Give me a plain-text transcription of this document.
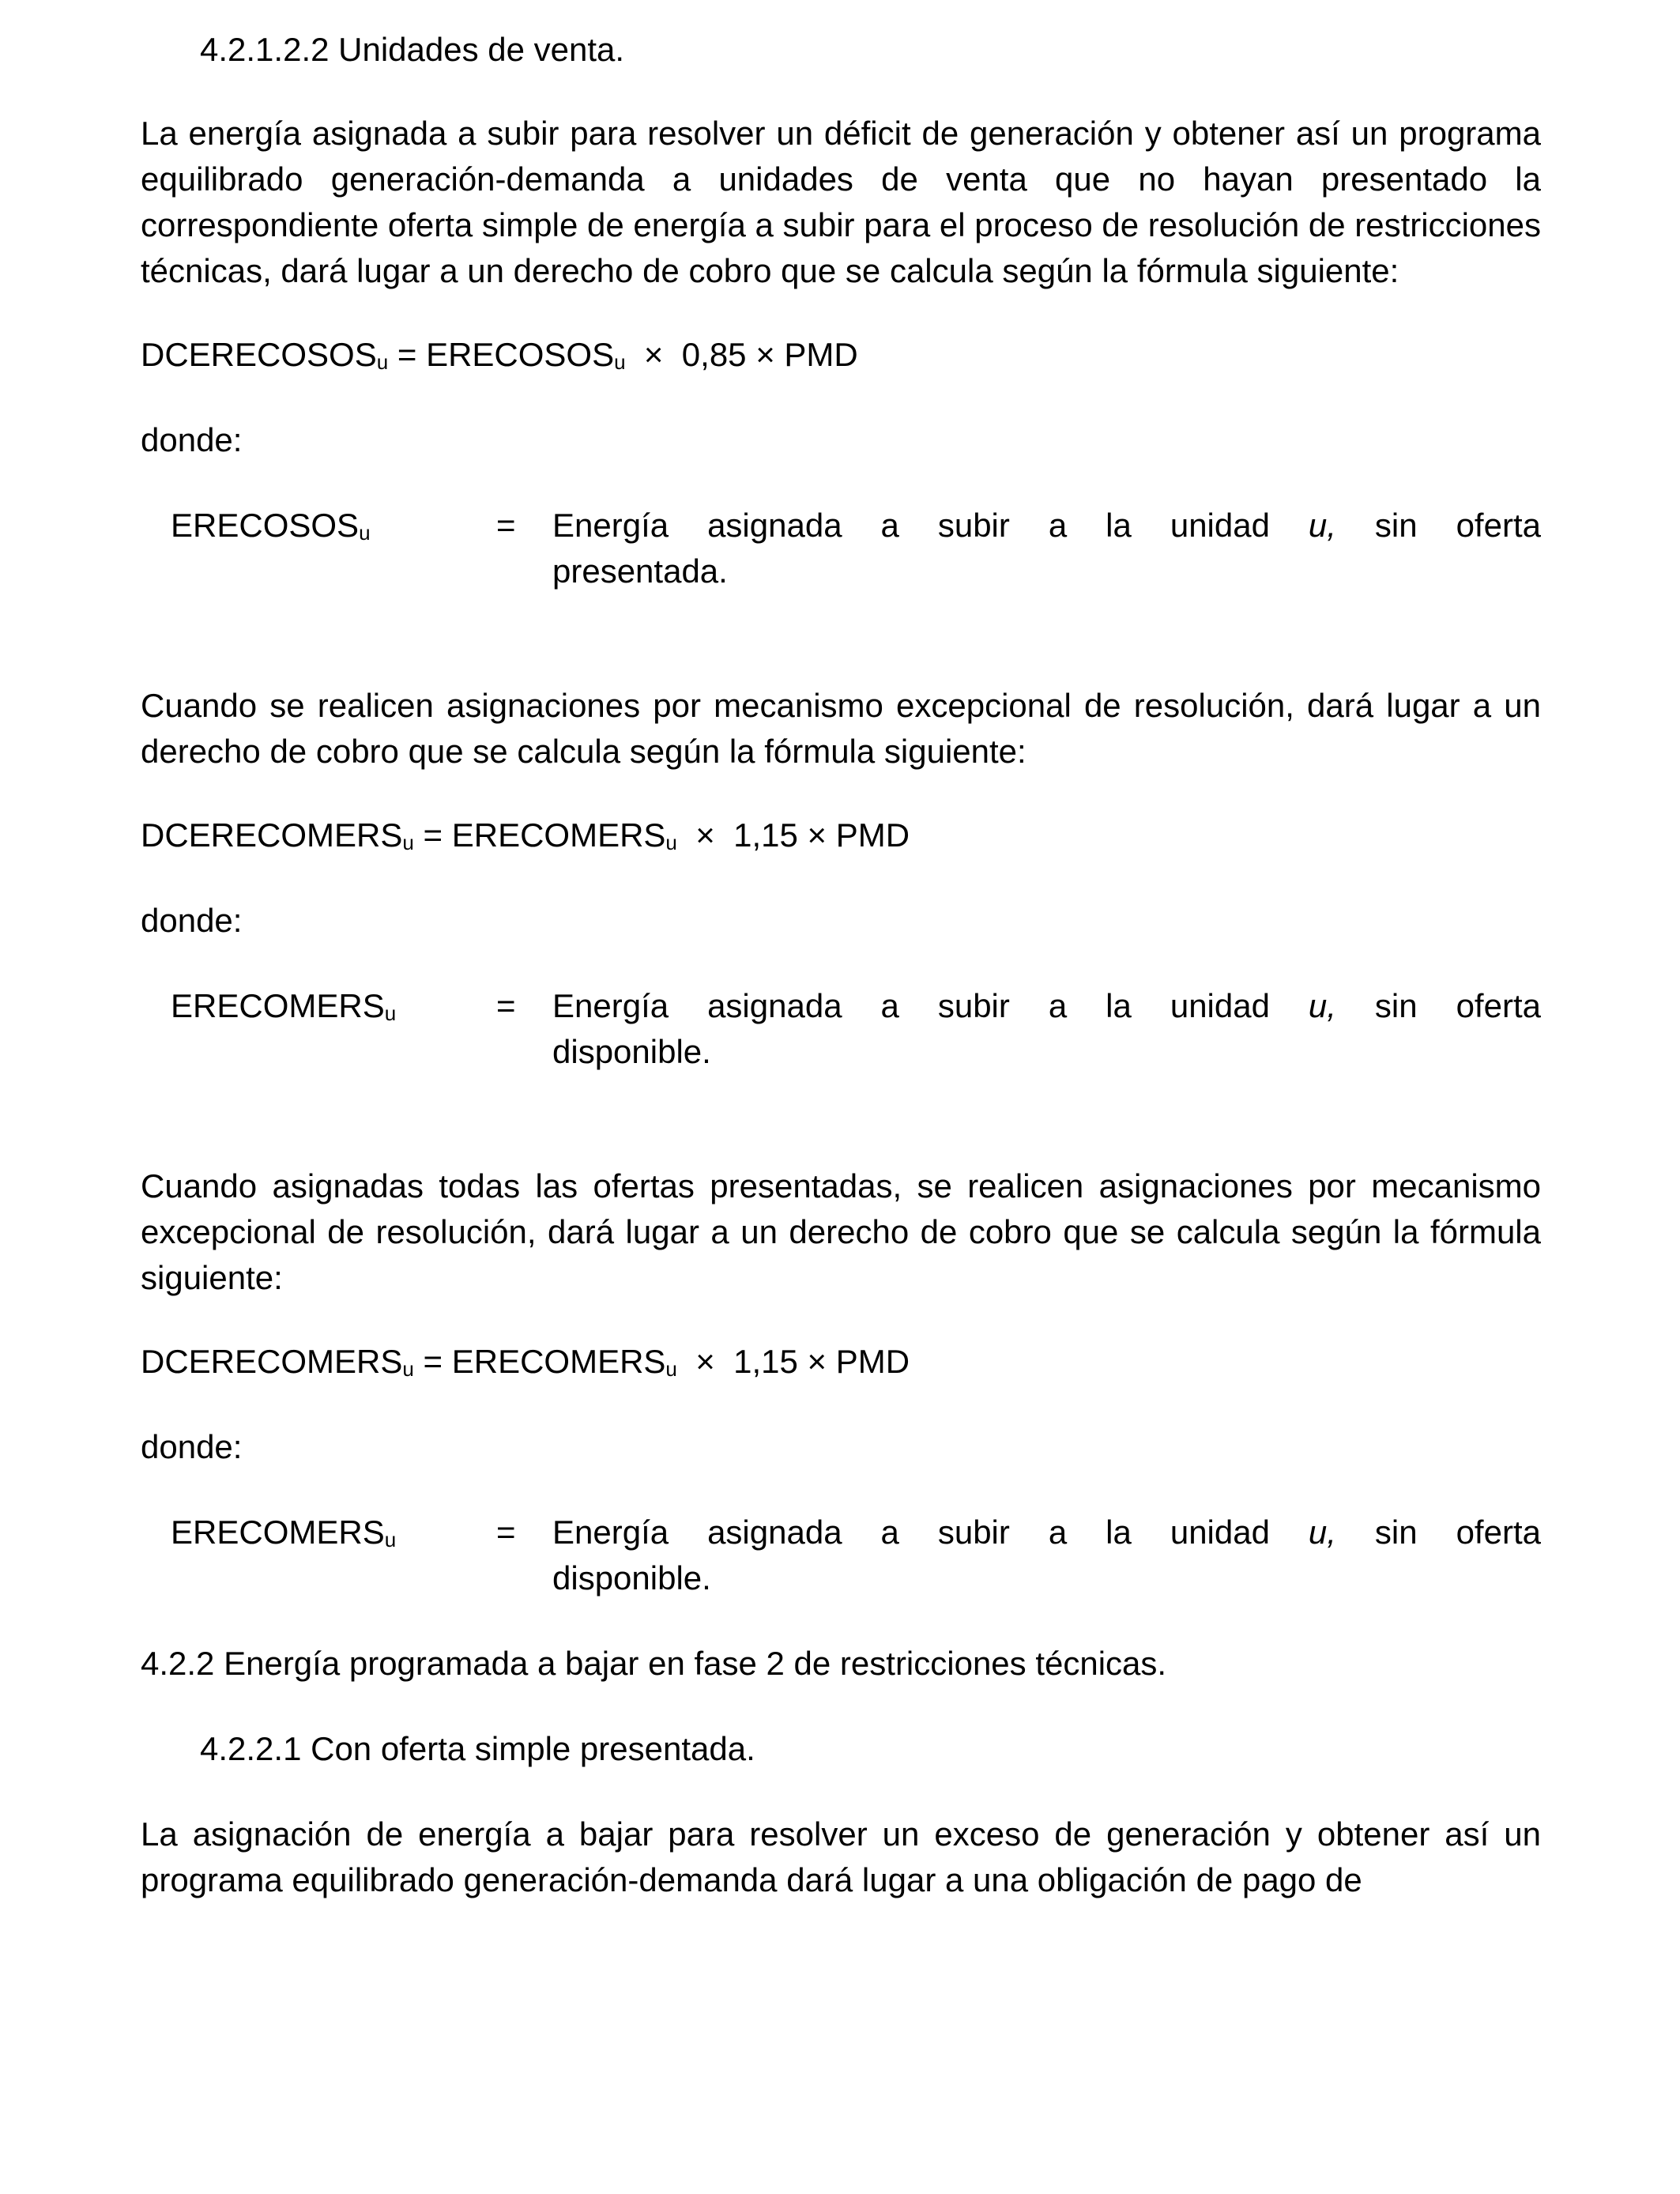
4.2.1.2.2 Unidades de venta.

La energía asignada a subir para resolver un déficit de generación y obtener así un programa equilibrado generación-demanda a unidades de venta que no hayan presentado la correspondiente oferta simple de energía a subir para el proceso de resolución de restricciones técnicas, dará lugar a un derecho de cobro que se calcula según la fórmula siguiente:

$DCERECOSOS_u$ = $ERECOSOS_u \times 0,85$ × PMD

donde:

$ERECOSOS_u$	=	Energía asignada a subir a la unidad u, sin oferta
presentada.

Cuando se realicen asignaciones por mecanismo excepcional de resolución, dará lugar a un derecho de cobro que se calcula según la fórmula siguiente:

$DCERECOMERS_u$ = $ERECOMERS_u \times 1,15$ × PMD

donde:

$ERECOMERS_u$	=	Energía asignada a subir a la unidad u, sin oferta
disponible.

Cuando asignadas todas las ofertas presentadas, se realicen asignaciones por mecanismo excepcional de resolución, dará lugar a un derecho de cobro que se calcula según la fórmula siguiente:

$DCERECOMERS_u$ = $ERECOMERS_u \times 1,15$ × PMD

donde:

$ERECOMERS_u$	=	Energía asignada a subir a la unidad u, sin oferta
disponible.

4.2.2 Energía programada a bajar en fase 2 de restricciones técnicas.

4.2.2.1 Con oferta simple presentada.

La asignación de energía a bajar para resolver un exceso de generación y obtener así un programa equilibrado generación-demanda dará lugar a una obligación de pago de
